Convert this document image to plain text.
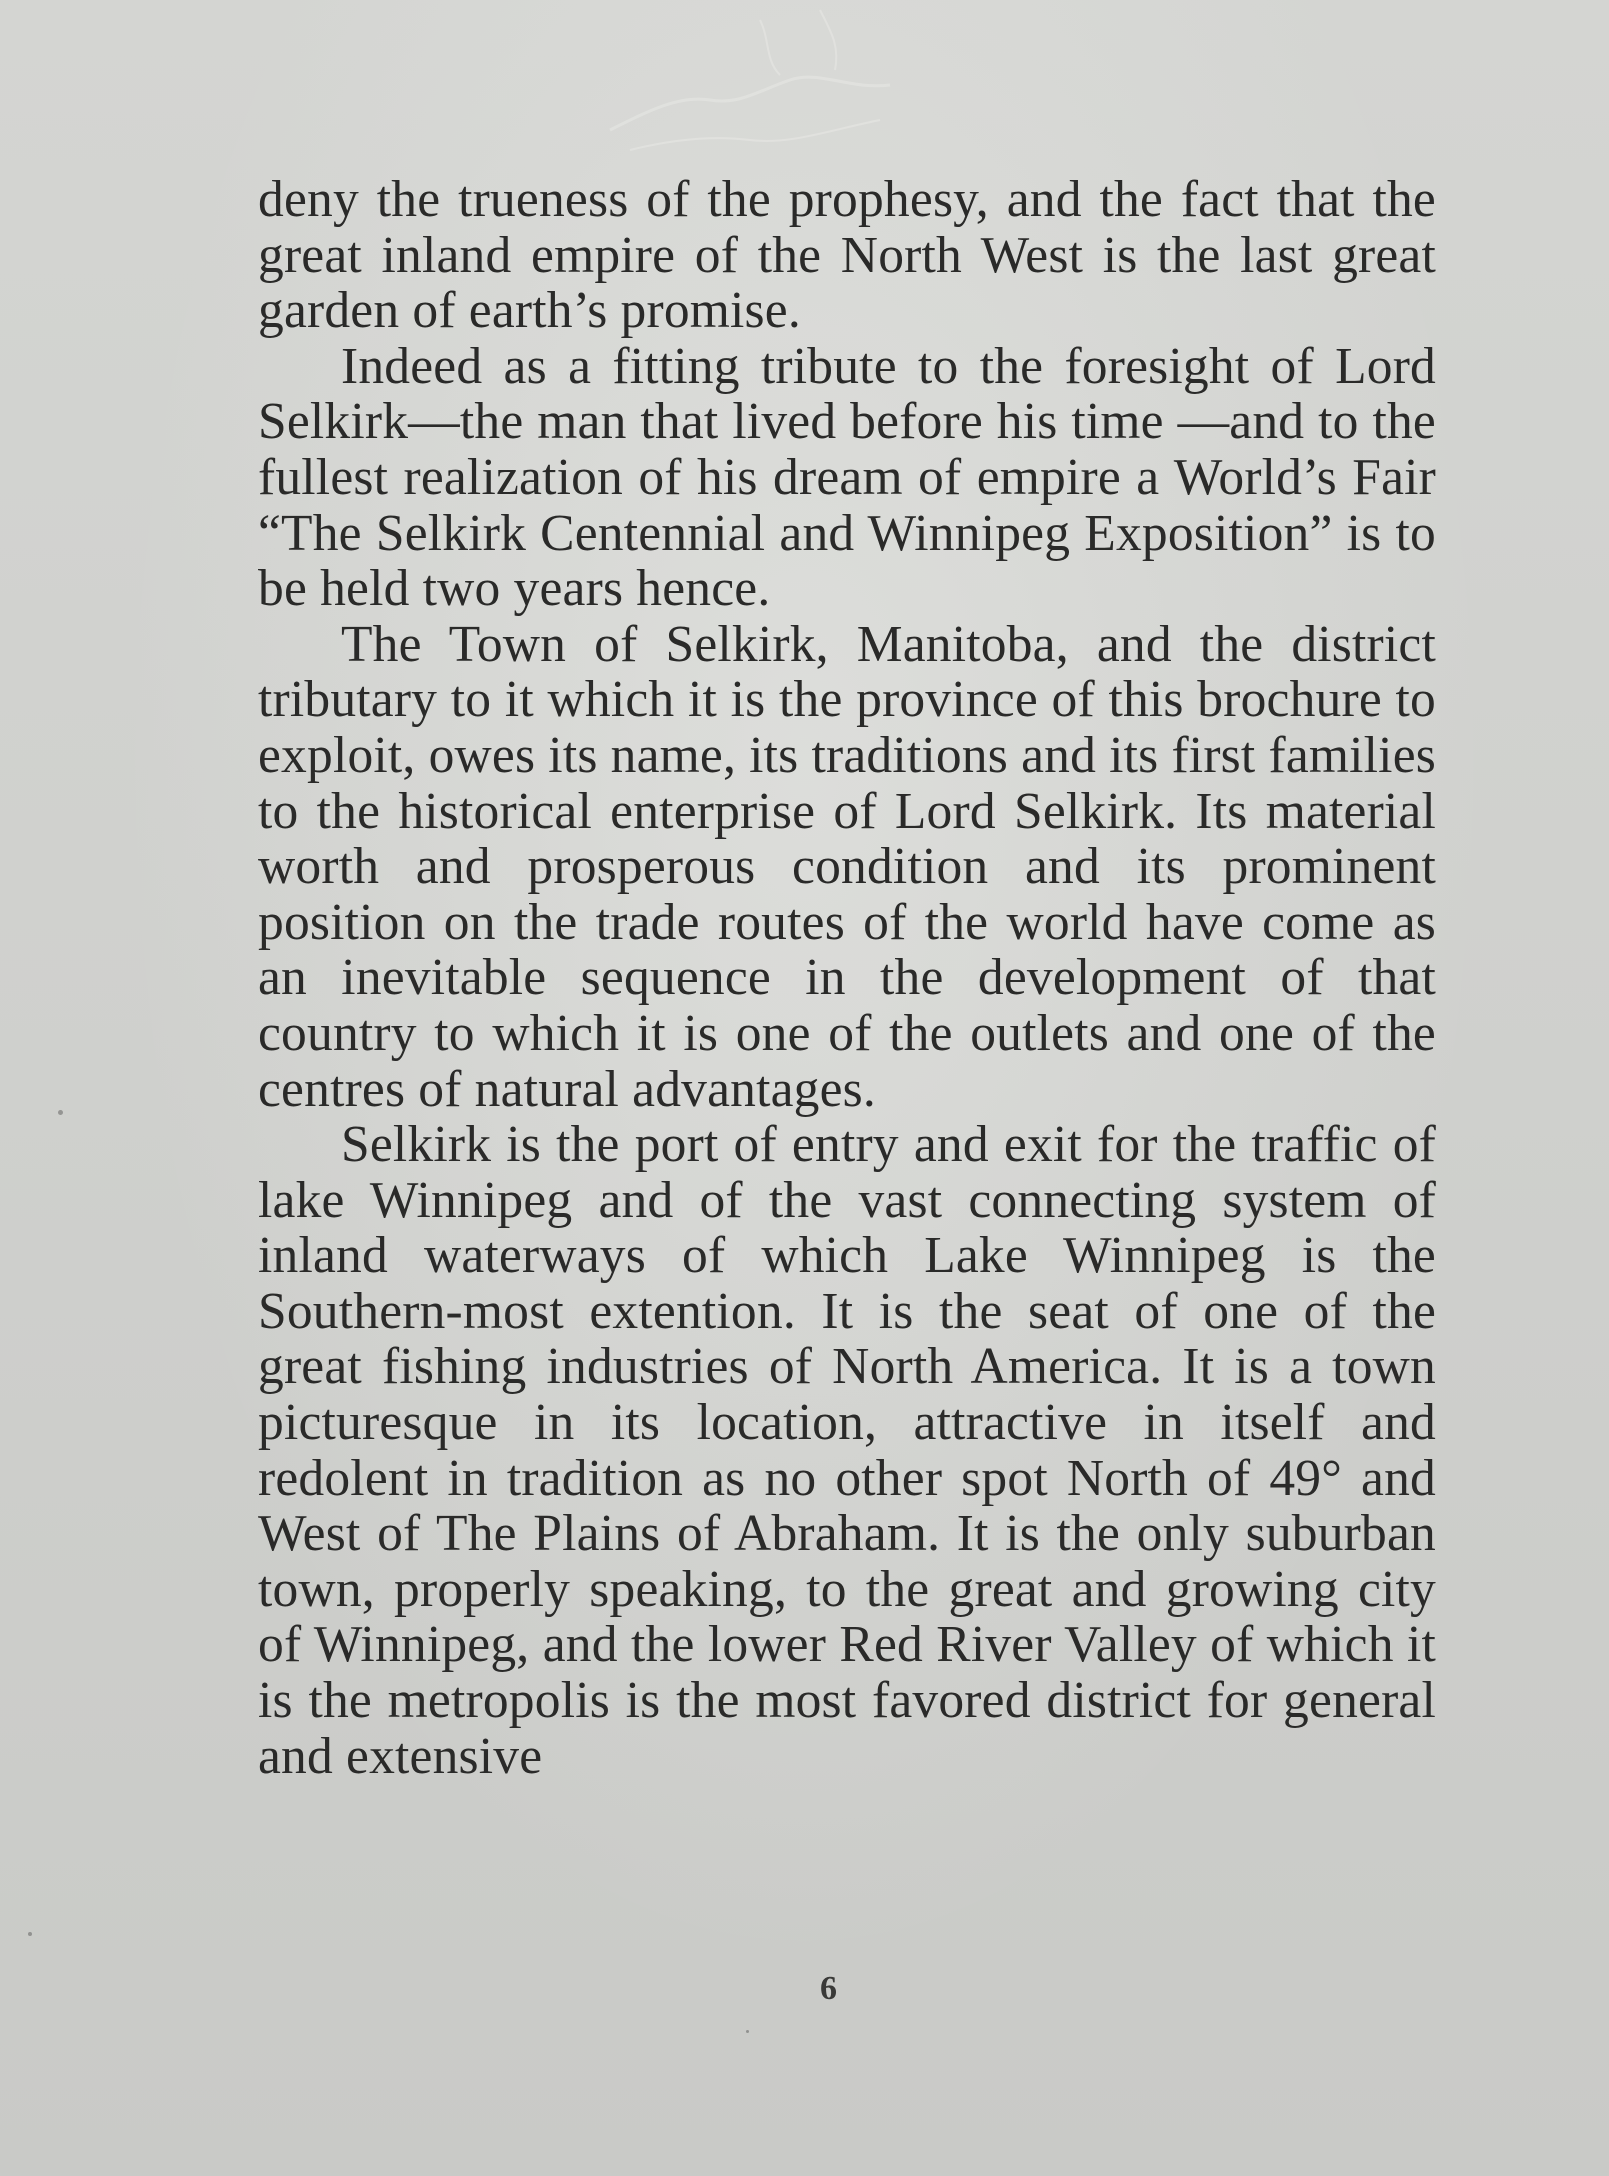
deny the trueness of the prophesy, and the fact that the great inland empire of the North West is the last great garden of earth’s promise.

Indeed as a fitting tribute to the foresight of Lord Selkirk—the man that lived before his time —and to the fullest realization of his dream of empire a World’s Fair “The Selkirk Centennial and Winnipeg Exposition” is to be held two years hence.

The Town of Selkirk, Manitoba, and the district tributary to it which it is the province of this brochure to exploit, owes its name, its traditions and its first families to the historical enterprise of Lord Selkirk. Its material worth and prosperous condition and its prominent position on the trade routes of the world have come as an inevitable sequence in the development of that country to which it is one of the outlets and one of the centres of natural advantages.

Selkirk is the port of entry and exit for the traffic of lake Winnipeg and of the vast connecting system of inland waterways of which Lake Winnipeg is the Southern-most extention. It is the seat of one of the great fishing industries of North America. It is a town picturesque in its location, attractive in itself and redolent in tradition as no other spot North of 49° and West of The Plains of Abraham. It is the only suburban town, properly speaking, to the great and growing city of Winnipeg, and the lower Red River Valley of which it is the metropolis is the most favored district for general and extensive

6
